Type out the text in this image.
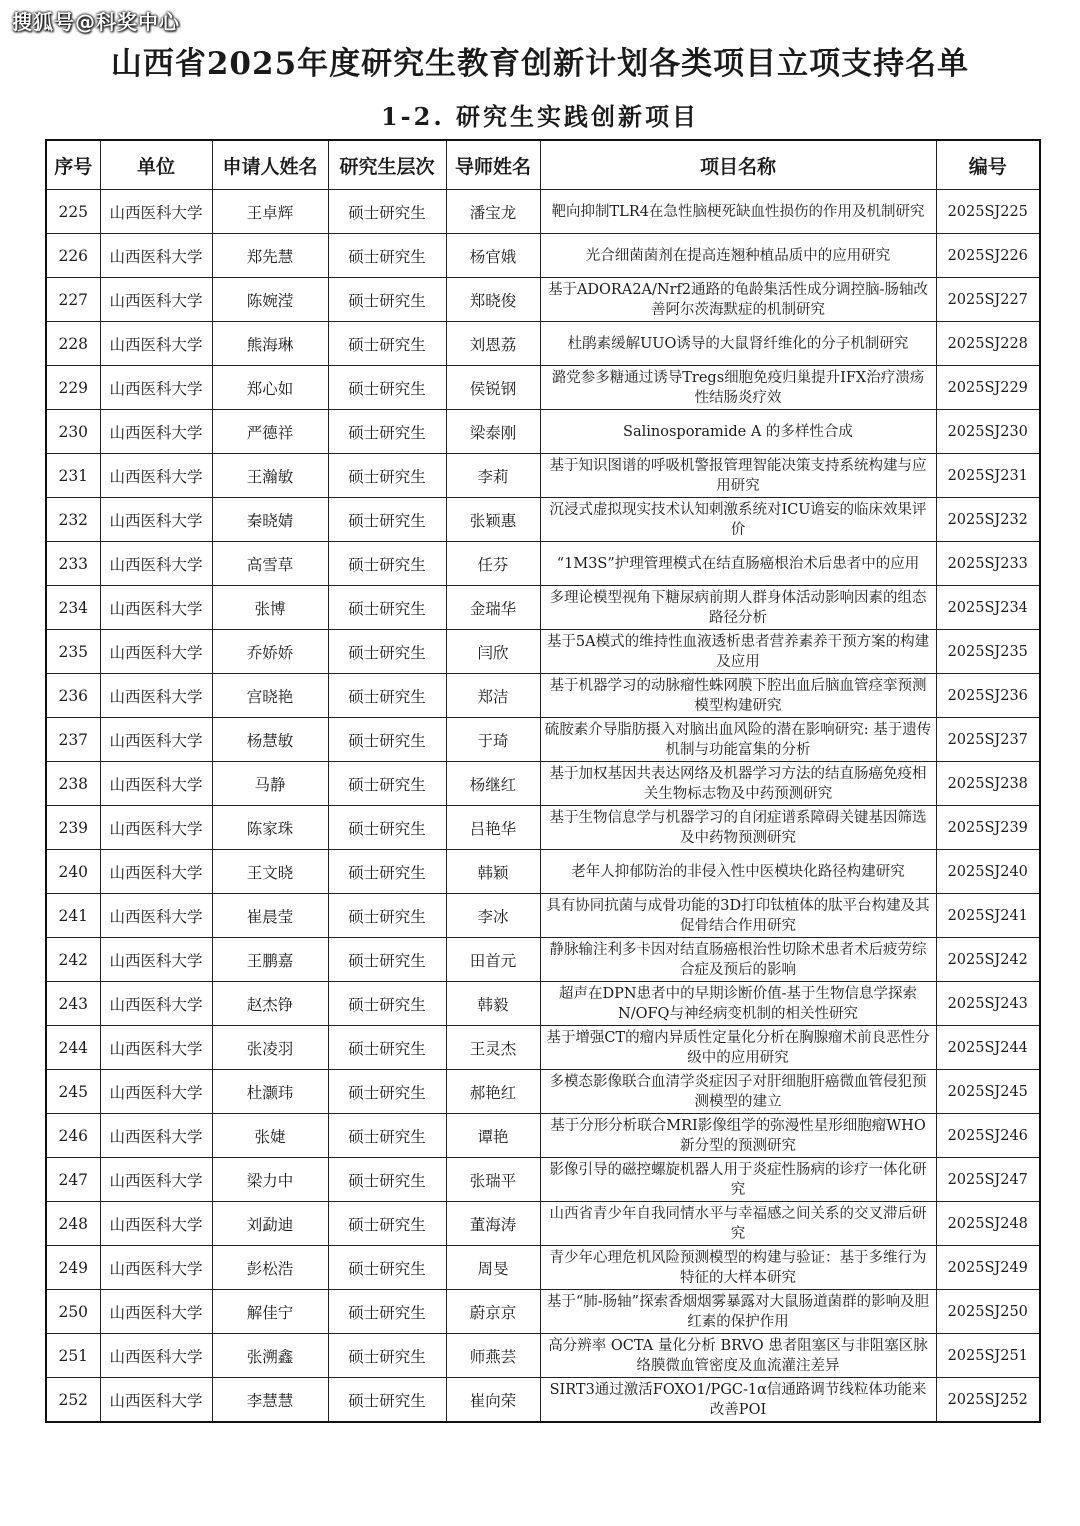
搜狐号@科奖中心
山西省2025年度研究生教育创新计划各类项目立项支持名单
1-2. 研究生实践创新项目
序号	单位	申请人姓名	研究生层次	导师姓名	项目名称	编号
225	山西医科大学	王卓辉	硕士研究生	潘宝龙	靶向抑制TLR4在急性脑梗死缺血性损伤的作用及机制研究	2025SJ225
226	山西医科大学	郑先慧	硕士研究生	杨官娥	光合细菌菌剂在提高连翘种植品质中的应用研究	2025SJ226
227	山西医科大学	陈婉滢	硕士研究生	郑晓俊	基于ADORA2A/Nrf2通路的龟龄集活性成分调控脑-肠轴改善阿尔茨海默症的机制研究	2025SJ227
228	山西医科大学	熊海琳	硕士研究生	刘恩荔	杜鹃素缓解UUO诱导的大鼠肾纤维化的分子机制研究	2025SJ228
229	山西医科大学	郑心如	硕士研究生	侯锐钢	潞党参多糖通过诱导Tregs细胞免疫归巢提升IFX治疗溃疡性结肠炎疗效	2025SJ229
230	山西医科大学	严德祥	硕士研究生	梁泰刚	Salinosporamide A 的多样性合成	2025SJ230
231	山西医科大学	王瀚敏	硕士研究生	李莉	基于知识图谱的呼吸机警报管理智能决策支持系统构建与应用研究	2025SJ231
232	山西医科大学	秦晓婧	硕士研究生	张颖惠	沉浸式虚拟现实技术认知刺激系统对ICU谵妄的临床效果评价	2025SJ232
233	山西医科大学	高雪草	硕士研究生	任芬	“1M3S”护理管理模式在结直肠癌根治术后患者中的应用	2025SJ233
234	山西医科大学	张博	硕士研究生	金瑞华	多理论模型视角下糖尿病前期人群身体活动影响因素的组态路径分析	2025SJ234
235	山西医科大学	乔娇娇	硕士研究生	闫欣	基于5A模式的维持性血液透析患者营养素养干预方案的构建及应用	2025SJ235
236	山西医科大学	宫晓艳	硕士研究生	郑洁	基于机器学习的动脉瘤性蛛网膜下腔出血后脑血管痉挛预测模型构建研究	2025SJ236
237	山西医科大学	杨慧敏	硕士研究生	于琦	硫胺素介导脂肪摄入对脑出血风险的潜在影响研究: 基于遗传机制与功能富集的分析	2025SJ237
238	山西医科大学	马静	硕士研究生	杨继红	基于加权基因共表达网络及机器学习方法的结直肠癌免疫相关生物标志物及中药预测研究	2025SJ238
239	山西医科大学	陈家珠	硕士研究生	吕艳华	基于生物信息学与机器学习的自闭症谱系障碍关键基因筛选及中药物预测研究	2025SJ239
240	山西医科大学	王文晓	硕士研究生	韩颖	老年人抑郁防治的非侵入性中医模块化路径构建研究	2025SJ240
241	山西医科大学	崔晨莹	硕士研究生	李冰	具有协同抗菌与成骨功能的3D打印钛植体的肽平台构建及其促骨结合作用研究	2025SJ241
242	山西医科大学	王鹏嘉	硕士研究生	田首元	静脉输注利多卡因对结直肠癌根治性切除术患者术后疲劳综合症及预后的影响	2025SJ242
243	山西医科大学	赵杰铮	硕士研究生	韩毅	超声在DPN患者中的早期诊断价值-基于生物信息学探索N/OFQ与神经病变机制的相关性研究	2025SJ243
244	山西医科大学	张凌羽	硕士研究生	王灵杰	基于增强CT的瘤内异质性定量化分析在胸腺瘤术前良恶性分级中的应用研究	2025SJ244
245	山西医科大学	杜灏玮	硕士研究生	郝艳红	多模态影像联合血清学炎症因子对肝细胞肝癌微血管侵犯预测模型的建立	2025SJ245
246	山西医科大学	张婕	硕士研究生	谭艳	基于分形分析联合MRI影像组学的弥漫性星形细胞瘤WHO新分型的预测研究	2025SJ246
247	山西医科大学	梁力中	硕士研究生	张瑞平	影像引导的磁控螺旋机器人用于炎症性肠病的诊疗一体化研究	2025SJ247
248	山西医科大学	刘勐迪	硕士研究生	董海涛	山西省青少年自我同情水平与幸福感之间关系的交叉滞后研究	2025SJ248
249	山西医科大学	彭松浩	硕士研究生	周旻	青少年心理危机风险预测模型的构建与验证：基于多维行为特征的大样本研究	2025SJ249
250	山西医科大学	解佳宁	硕士研究生	蔚京京	基于“肺-肠轴”探索香烟烟雾暴露对大鼠肠道菌群的影响及胆红素的保护作用	2025SJ250
251	山西医科大学	张溯鑫	硕士研究生	师燕芸	高分辨率 OCTA 量化分析 BRVO 患者阻塞区与非阻塞区脉络膜微血管密度及血流灌注差异	2025SJ251
252	山西医科大学	李慧慧	硕士研究生	崔向荣	SIRT3通过激活FOXO1/PGC-1α信通路调节线粒体功能来改善POI	2025SJ252
